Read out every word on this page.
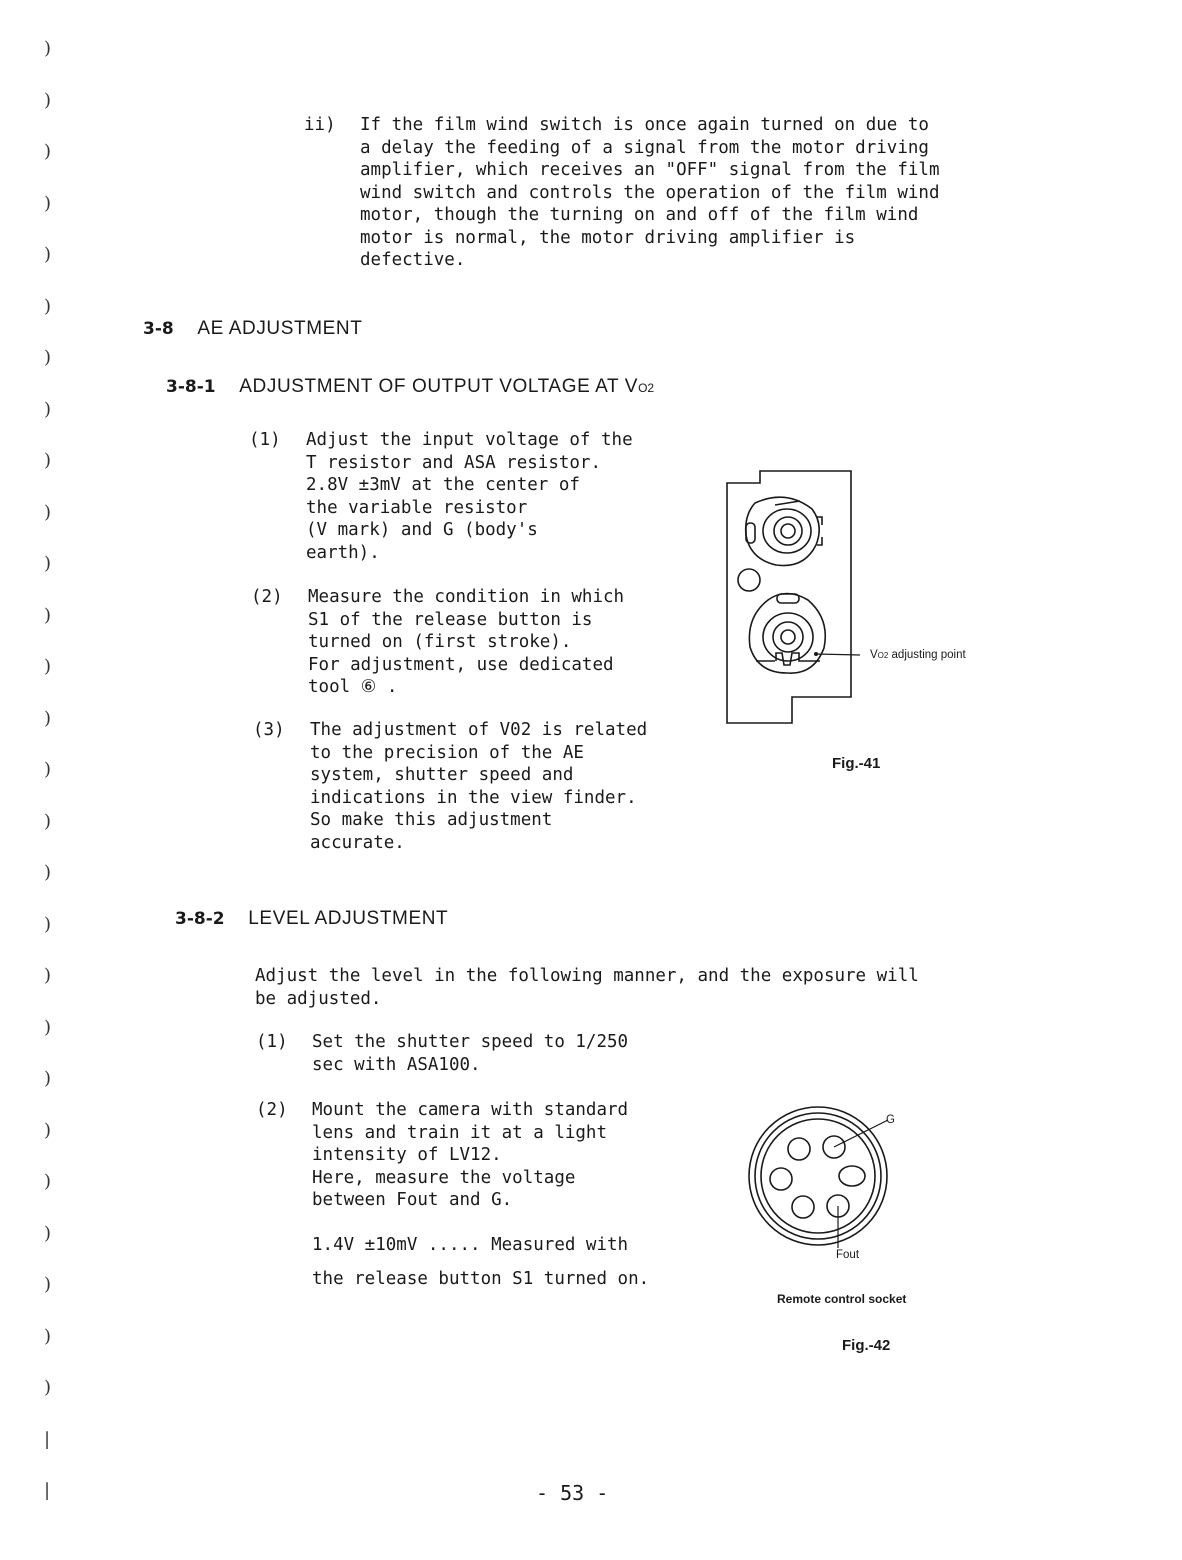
)
)
)
)
)
)
)
)
)
)
)
)
)
)
)
)
)
)
)
)
)
)
)
)
)
)
)
|
|
ii) If the film wind switch is once again turned on due to
a delay the feeding of a signal from the motor driving
amplifier, which receives an "OFF" signal from the film
wind switch and controls the operation of the film wind
motor, though the turning on and off of the film wind
motor is normal, the motor driving amplifier is
defective.
3-8 AE ADJUSTMENT
3-8-1 ADJUSTMENT OF OUTPUT VOLTAGE AT VO2
(1) Adjust the input voltage of the
T resistor and ASA resistor.
2.8V ±3mV at the center of
the variable resistor
(V mark) and G (body's
earth).
(2) Measure the condition in which
S1 of the release button is
turned on (first stroke).
For adjustment, use dedicated
tool ⑥ .
(3) The adjustment of V02 is related
to the precision of the AE
system, shutter speed and
indications in the view finder.
So make this adjustment
accurate.
VO2 adjusting point
Fig.-41
3-8-2 LEVEL ADJUSTMENT
Adjust the level in the following manner, and the exposure will
be adjusted.
(1) Set the shutter speed to 1/250
sec with ASA100.
(2) Mount the camera with standard
lens and train it at a light
intensity of LV12.
Here, measure the voltage
between Fout and G.
1.4V ±10mV ..... Measured with
the release button S1 turned on.
G
Fout
Remote control socket
Fig.-42
- 53 -
